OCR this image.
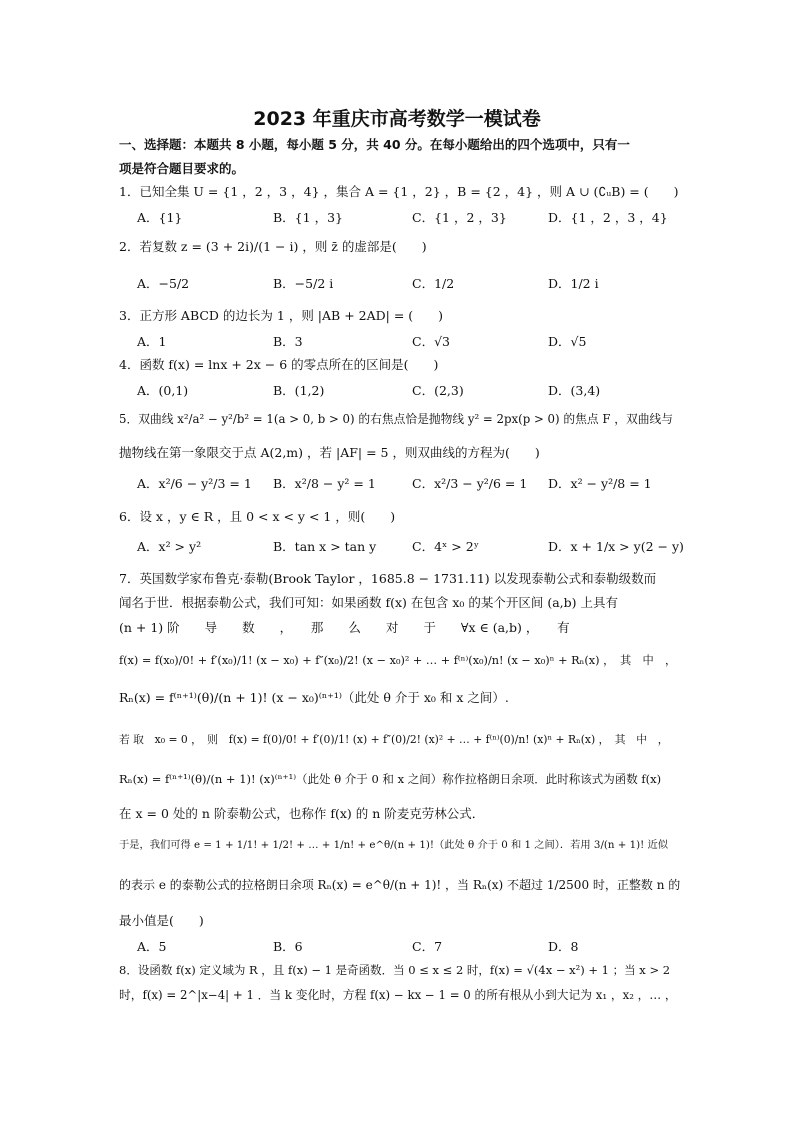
2023 年重庆市高考数学一模试卷
一、选择题：本题共 8 小题，每小题 5 分，共 40 分。在每小题给出的四个选项中，只有一
项是符合题目要求的。
1．已知全集 U = {1 ，2 ，3 ，4} ，集合 A = {1 ，2} ，B = {2 ，4} ，则 A ∪ (∁ᵤB) = (　　)
A．{1}	B．{1 ，3}	C．{1 ，2 ，3}	D．{1 ，2 ，3 ，4}
2．若复数 z = (3 + 2i)/(1 − i) ，则 z̄ 的虚部是(　　)
A．−5/2	B．−5/2 i	C．1/2	D．1/2 i
3．正方形 ABCD 的边长为 1 ，则 |AB + 2AD| = (　　)
A．1	B．3	C．√3	D．√5
4．函数 f(x) = lnx + 2x − 6 的零点所在的区间是(　　)
A．(0,1)	B．(1,2)	C．(2,3)	D．(3,4)
5．双曲线 x²/a² − y²/b² = 1(a > 0, b > 0) 的右焦点恰是抛物线 y² = 2px(p > 0) 的焦点 F ，双曲线与
抛物线在第一象限交于点 A(2,m) ，若 |AF| = 5 ，则双曲线的方程为(　　)
A．x²/6 − y²/3 = 1 B．x²/8 − y² = 1	C．x²/3 − y²/6 = 1 D．x² − y²/8 = 1
6．设 x ，y ∈ R ，且 0 < x < y < 1 ，则(　　)
A．x² > y²	B．tan x > tan y	C．4ˣ > 2ʸ	D．x + 1/x > y(2 − y)
7．英国数学家布鲁克·泰勒(Brook Taylor ，1685.8 − 1731.11) 以发现泰勒公式和泰勒级数而
闻名于世．根据泰勒公式，我们可知：如果函数 f(x) 在包含 x₀ 的某个开区间 (a,b) 上具有
(n + 1) 阶　　导　　数　　，　　那　　么　　对　　于　　∀x ∈ (a,b) ，　　有
f(x) = f(x₀)/0! + f′(x₀)/1! (x − x₀) + f″(x₀)/2! (x − x₀)² + … + f⁽ⁿ⁾(x₀)/n! (x − x₀)ⁿ + Rₙ(x) ，　其　中　，
Rₙ(x) = f⁽ⁿ⁺¹⁾(θ)/(n + 1)! (x − x₀)⁽ⁿ⁺¹⁾（此处 θ 介于 x₀ 和 x 之间）.
若 取　x₀ = 0 ，　则　f(x) = f(0)/0! + f′(0)/1! (x) + f″(0)/2! (x)² + … + f⁽ⁿ⁾(0)/n! (x)ⁿ + Rₙ(x) ，　其　中　，
Rₙ(x) = f⁽ⁿ⁺¹⁾(θ)/(n + 1)! (x)⁽ⁿ⁺¹⁾（此处 θ 介于 0 和 x 之间）称作拉格朗日余项．此时称该式为函数 f(x)
在 x = 0 处的 n 阶泰勒公式，也称作 f(x) 的 n 阶麦克劳林公式．
于是，我们可得 e = 1 + 1/1! + 1/2! + … + 1/n! + e^θ/(n + 1)!（此处 θ 介于 0 和 1 之间）．若用 3/(n + 1)! 近似
的表示 e 的泰勒公式的拉格朗日余项 Rₙ(x) = e^θ/(n + 1)! ，当 Rₙ(x) 不超过 1/2500 时，正整数 n 的
最小值是(　　)
A．5	B．6	C．7	D．8
8．设函数 f(x) 定义域为 R ，且 f(x) − 1 是奇函数．当 0 ≤ x ≤ 2 时，f(x) = √(4x − x²) + 1 ；当 x > 2
时，f(x) = 2^|x−4| + 1 ．当 k 变化时，方程 f(x) − kx − 1 = 0 的所有根从小到大记为 x₁ ，x₂ ，… ，
